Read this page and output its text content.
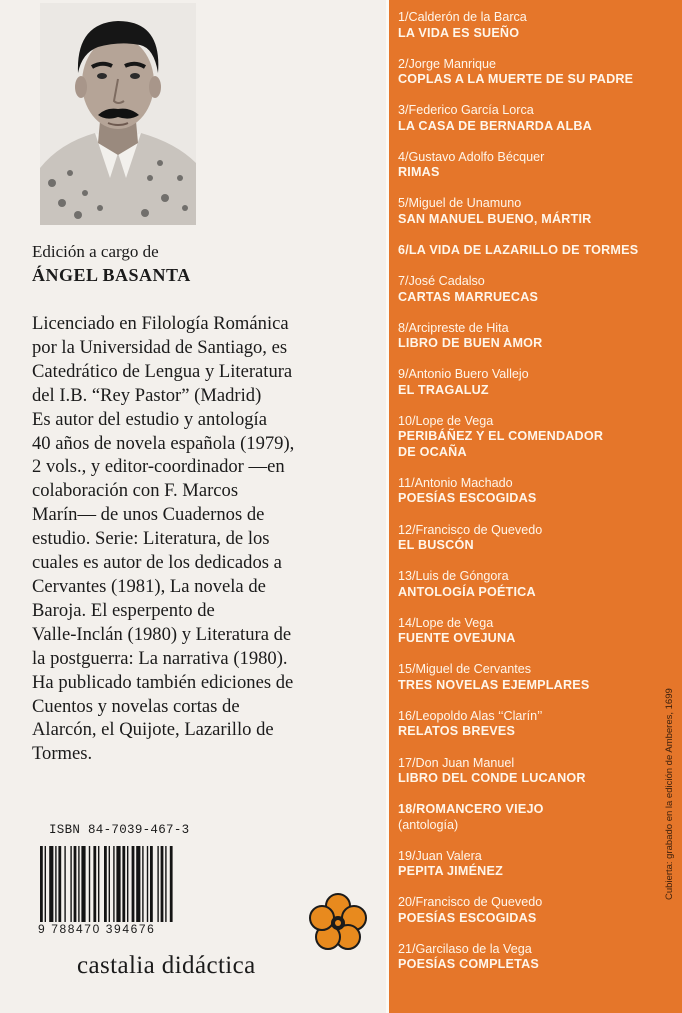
Edición a cargo de
ÁNGEL BASANTA
Licenciado en Filología Románica
por la Universidad de Santiago, es
Catedrático de Lengua y Literatura
del I.B. “Rey Pastor” (Madrid)
Es autor del estudio y antología
40 años de novela española (1979),
2 vols., y editor-coordinador —en
colaboración con F. Marcos
Marín— de unos Cuadernos de
estudio. Serie: Literatura, de los
cuales es autor de los dedicados a
Cervantes (1981), La novela de
Baroja. El esperpento de
Valle-Inclán (1980) y Literatura de
la postguerra: La narrativa (1980).
Ha publicado también ediciones de
Cuentos y novelas cortas de
Alarcón, el Quijote, Lazarillo de
Tormes.
ISBN 84-7039-467-3
9 788470 394676
castalia didáctica
1/Calderón de la Barca
LA VIDA ES SUEÑO
2/Jorge Manrique
COPLAS A LA MUERTE DE SU PADRE
3/Federico García Lorca
LA CASA DE BERNARDA ALBA
4/Gustavo Adolfo Bécquer
RIMAS
5/Miguel de Unamuno
SAN MANUEL BUENO, MÁRTIR
6/LA VIDA DE LAZARILLO DE TORMES
7/José Cadalso
CARTAS MARRUECAS
8/Arcipreste de Hita
LIBRO DE BUEN AMOR
9/Antonio Buero Vallejo
EL TRAGALUZ
10/Lope de Vega
PERIBÁÑEZ Y EL COMENDADOR
DE OCAÑA
11/Antonio Machado
POESÍAS ESCOGIDAS
12/Francisco de Quevedo
EL BUSCÓN
13/Luis de Góngora
ANTOLOGÍA POÉTICA
14/Lope de Vega
FUENTE OVEJUNA
15/Miguel de Cervantes
TRES NOVELAS EJEMPLARES
16/Leopoldo Alas ‘‘Clarín’’
RELATOS BREVES
17/Don Juan Manuel
LIBRO DEL CONDE LUCANOR
18/ROMANCERO VIEJO
(antología)
19/Juan Valera
PEPITA JIMÉNEZ
20/Francisco de Quevedo
POESÍAS ESCOGIDAS
21/Garcilaso de la Vega
POESÍAS COMPLETAS
Cubierta: grabado en la edición de Amberes, 1699
